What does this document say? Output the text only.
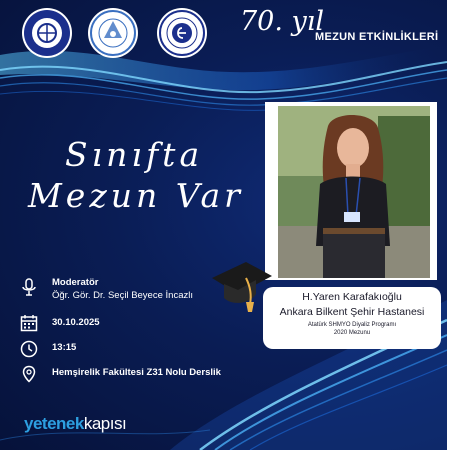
70. yıl
MEZUN ETKİNLİKLERİ
Sınıfta
Mezun Var
H.Yaren Karafakıoğlu
Ankara Bilkent Şehir Hastanesi
Atatürk SHMYO Diyaliz Programı
2020 Mezunu
Moderatör
Öğr. Gör. Dr. Seçil Beyece İncazlı
30.10.2025
13:15
Hemşirelik Fakültesi Z31 Nolu Derslik
yetenekkapısı
